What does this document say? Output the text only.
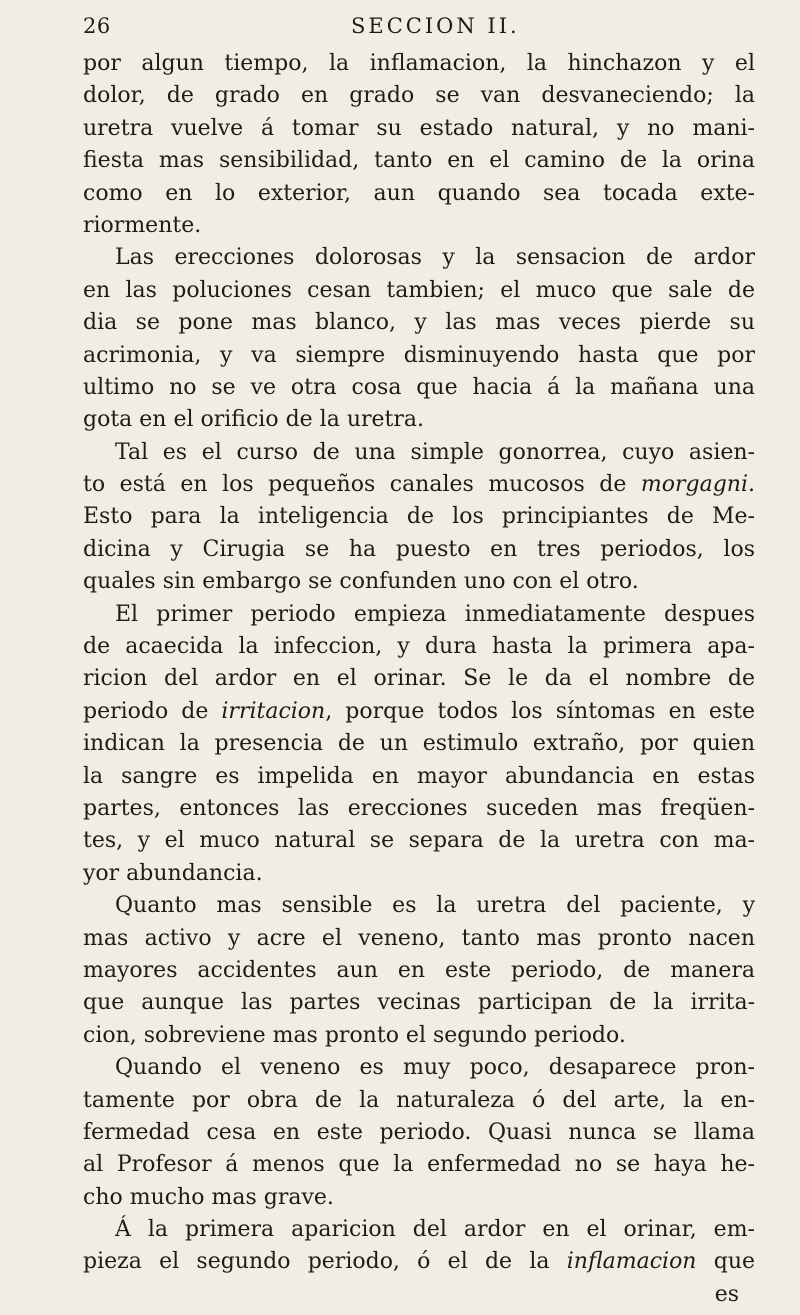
26	SECCION II.
por algun tiempo, la inflamacion, la hinchazon y el
dolor, de grado en grado se van desvaneciendo; la
uretra vuelve á tomar su estado natural, y no mani-
fiesta mas sensibilidad, tanto en el camino de la orina
como en lo exterior, aun quando sea tocada exte-
riormente.
Las erecciones dolorosas y la sensacion de ardor
en las poluciones cesan tambien; el muco que sale de
dia se pone mas blanco, y las mas veces pierde su
acrimonia, y va siempre disminuyendo hasta que por
ultimo no se ve otra cosa que hacia á la mañana una
gota en el orificio de la uretra.
Tal es el curso de una simple gonorrea, cuyo asien-
to está en los pequeños canales mucosos de morgagni.
Esto para la inteligencia de los principiantes de Me-
dicina y Cirugia se ha puesto en tres periodos, los
quales sin embargo se confunden uno con el otro.
El primer periodo empieza inmediatamente despues
de acaecida la infeccion, y dura hasta la primera apa-
ricion del ardor en el orinar. Se le da el nombre de
periodo de irritacion, porque todos los síntomas en este
indican la presencia de un estimulo extraño, por quien
la sangre es impelida en mayor abundancia en estas
partes, entonces las erecciones suceden mas freqüen-
tes, y el muco natural se separa de la uretra con ma-
yor abundancia.
Quanto mas sensible es la uretra del paciente, y
mas activo y acre el veneno, tanto mas pronto nacen
mayores accidentes aun en este periodo, de manera
que aunque las partes vecinas participan de la irrita-
cion, sobreviene mas pronto el segundo periodo.
Quando el veneno es muy poco, desaparece pron-
tamente por obra de la naturaleza ó del arte, la en-
fermedad cesa en este periodo. Quasi nunca se llama
al Profesor á menos que la enfermedad no se haya he-
cho mucho mas grave.
Á la primera aparicion del ardor en el orinar, em-
pieza el segundo periodo, ó el de la inflamacion que
es
